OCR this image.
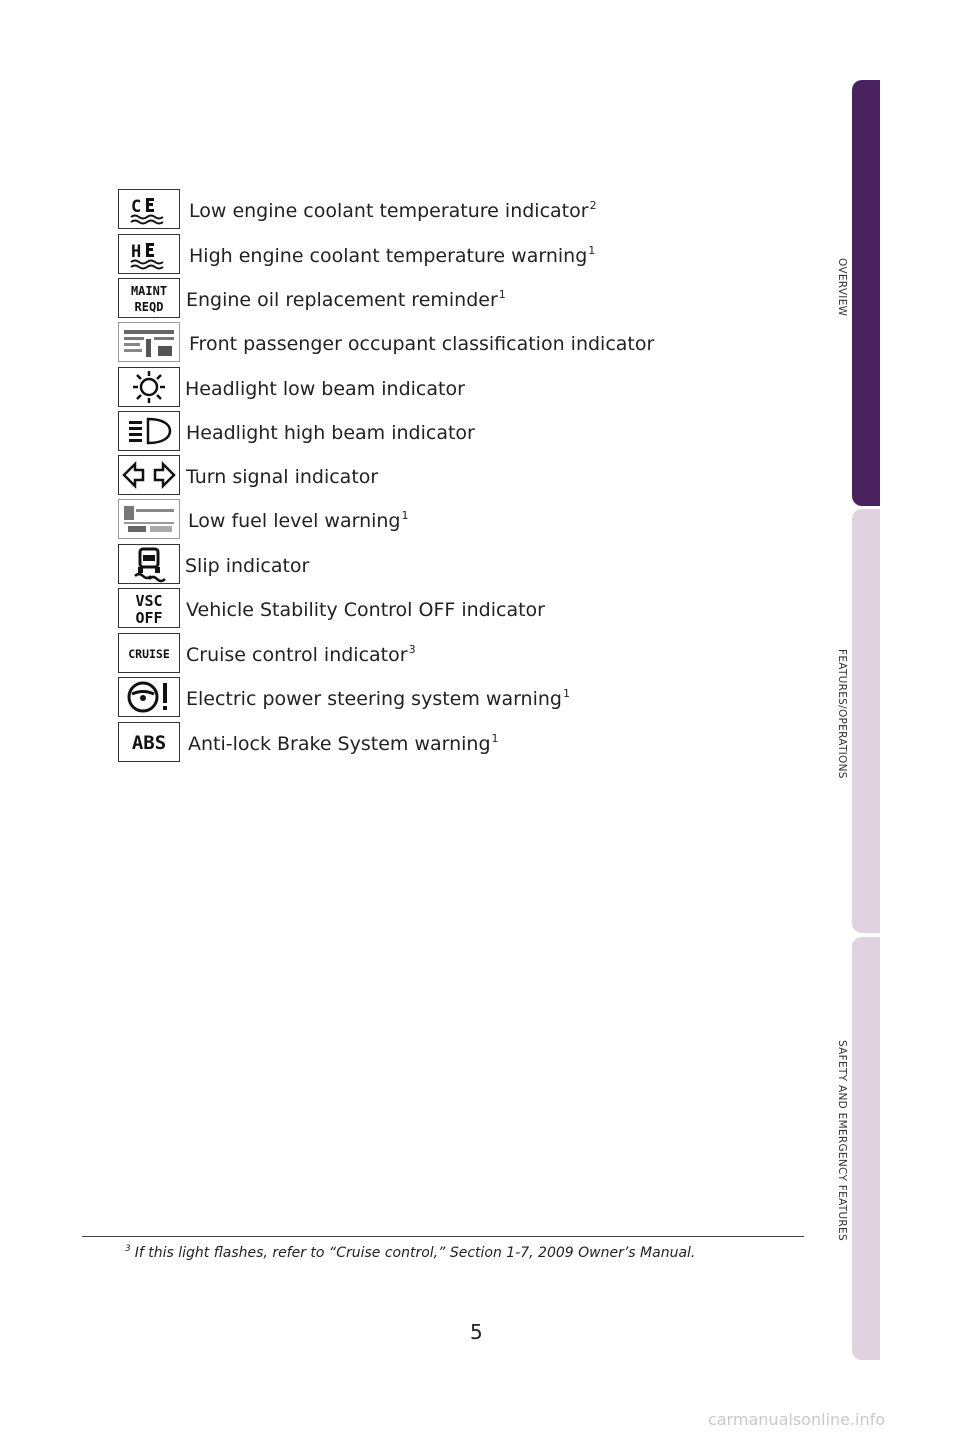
C	Low engine coolant temperature indicator$^2$
H	High engine coolant temperature warning$^1$
MAINT
REQD Engine oil replacement reminder$^1$
Front passenger occupant classification indicator
Headlight low beam indicator
Headlight high beam indicator
Turn signal indicator
Low fuel level warning$^1$
Slip indicator
VSC
OFF Vehicle Stability Control OFF indicator
CRUISE Cruise control indicator$^3$
Electric power steering system warning$^1$
ABS Anti-lock Brake System warning$^1$
$^3$ If this light flashes, refer to “Cruise control,” Section 1-7, 2009 Owner’s Manual.
5
OVERVIEW
FEATURES/OPERATIONS
SAFETY AND EMERGENCY FEATURES
carmanualsonline.info
